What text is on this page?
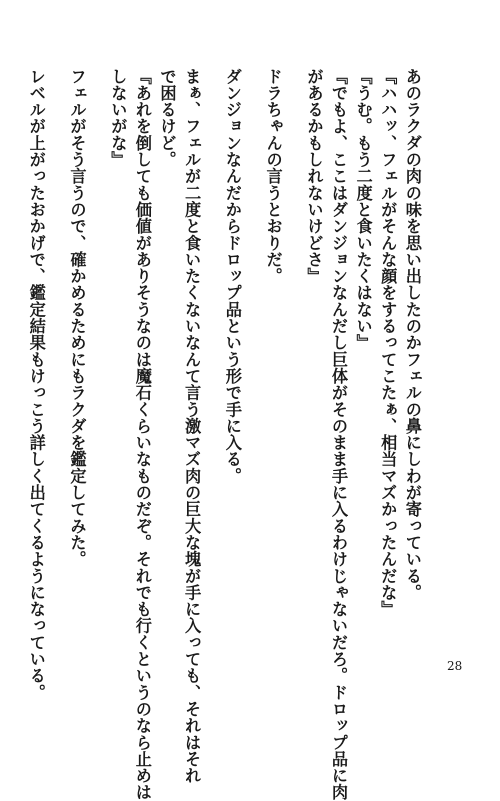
あのラクダの肉の味を思い出したのかフェルの鼻にしわが寄っている。
『ハハッ、フェルがそんな顔をするってこたぁ、相当マズかったんだな』
『うむ。もう二度と食いたくはない』
『でもよ、ここはダンジョンなんだし巨体がそのまま手に入るわけじゃないだろ。ドロップ品に肉
があるかもしれないけどさ』
ドラちゃんの言うとおりだ。
ダンジョンなんだからドロップ品という形で手に入る。
まぁ、フェルが二度と食いたくないなんて言う激マズ肉の巨大な塊が手に入っても、それはそれ
で困るけど。
『あれを倒しても価値がありそうなのは魔石くらいなものだぞ。それでも行くというのなら止めは
しないがな』
フェルがそう言うので、確かめるためにもラクダを鑑定してみた。
レベルが上がったおかげで、鑑定結果もけっこう詳しく出てくるようになっている。	28
